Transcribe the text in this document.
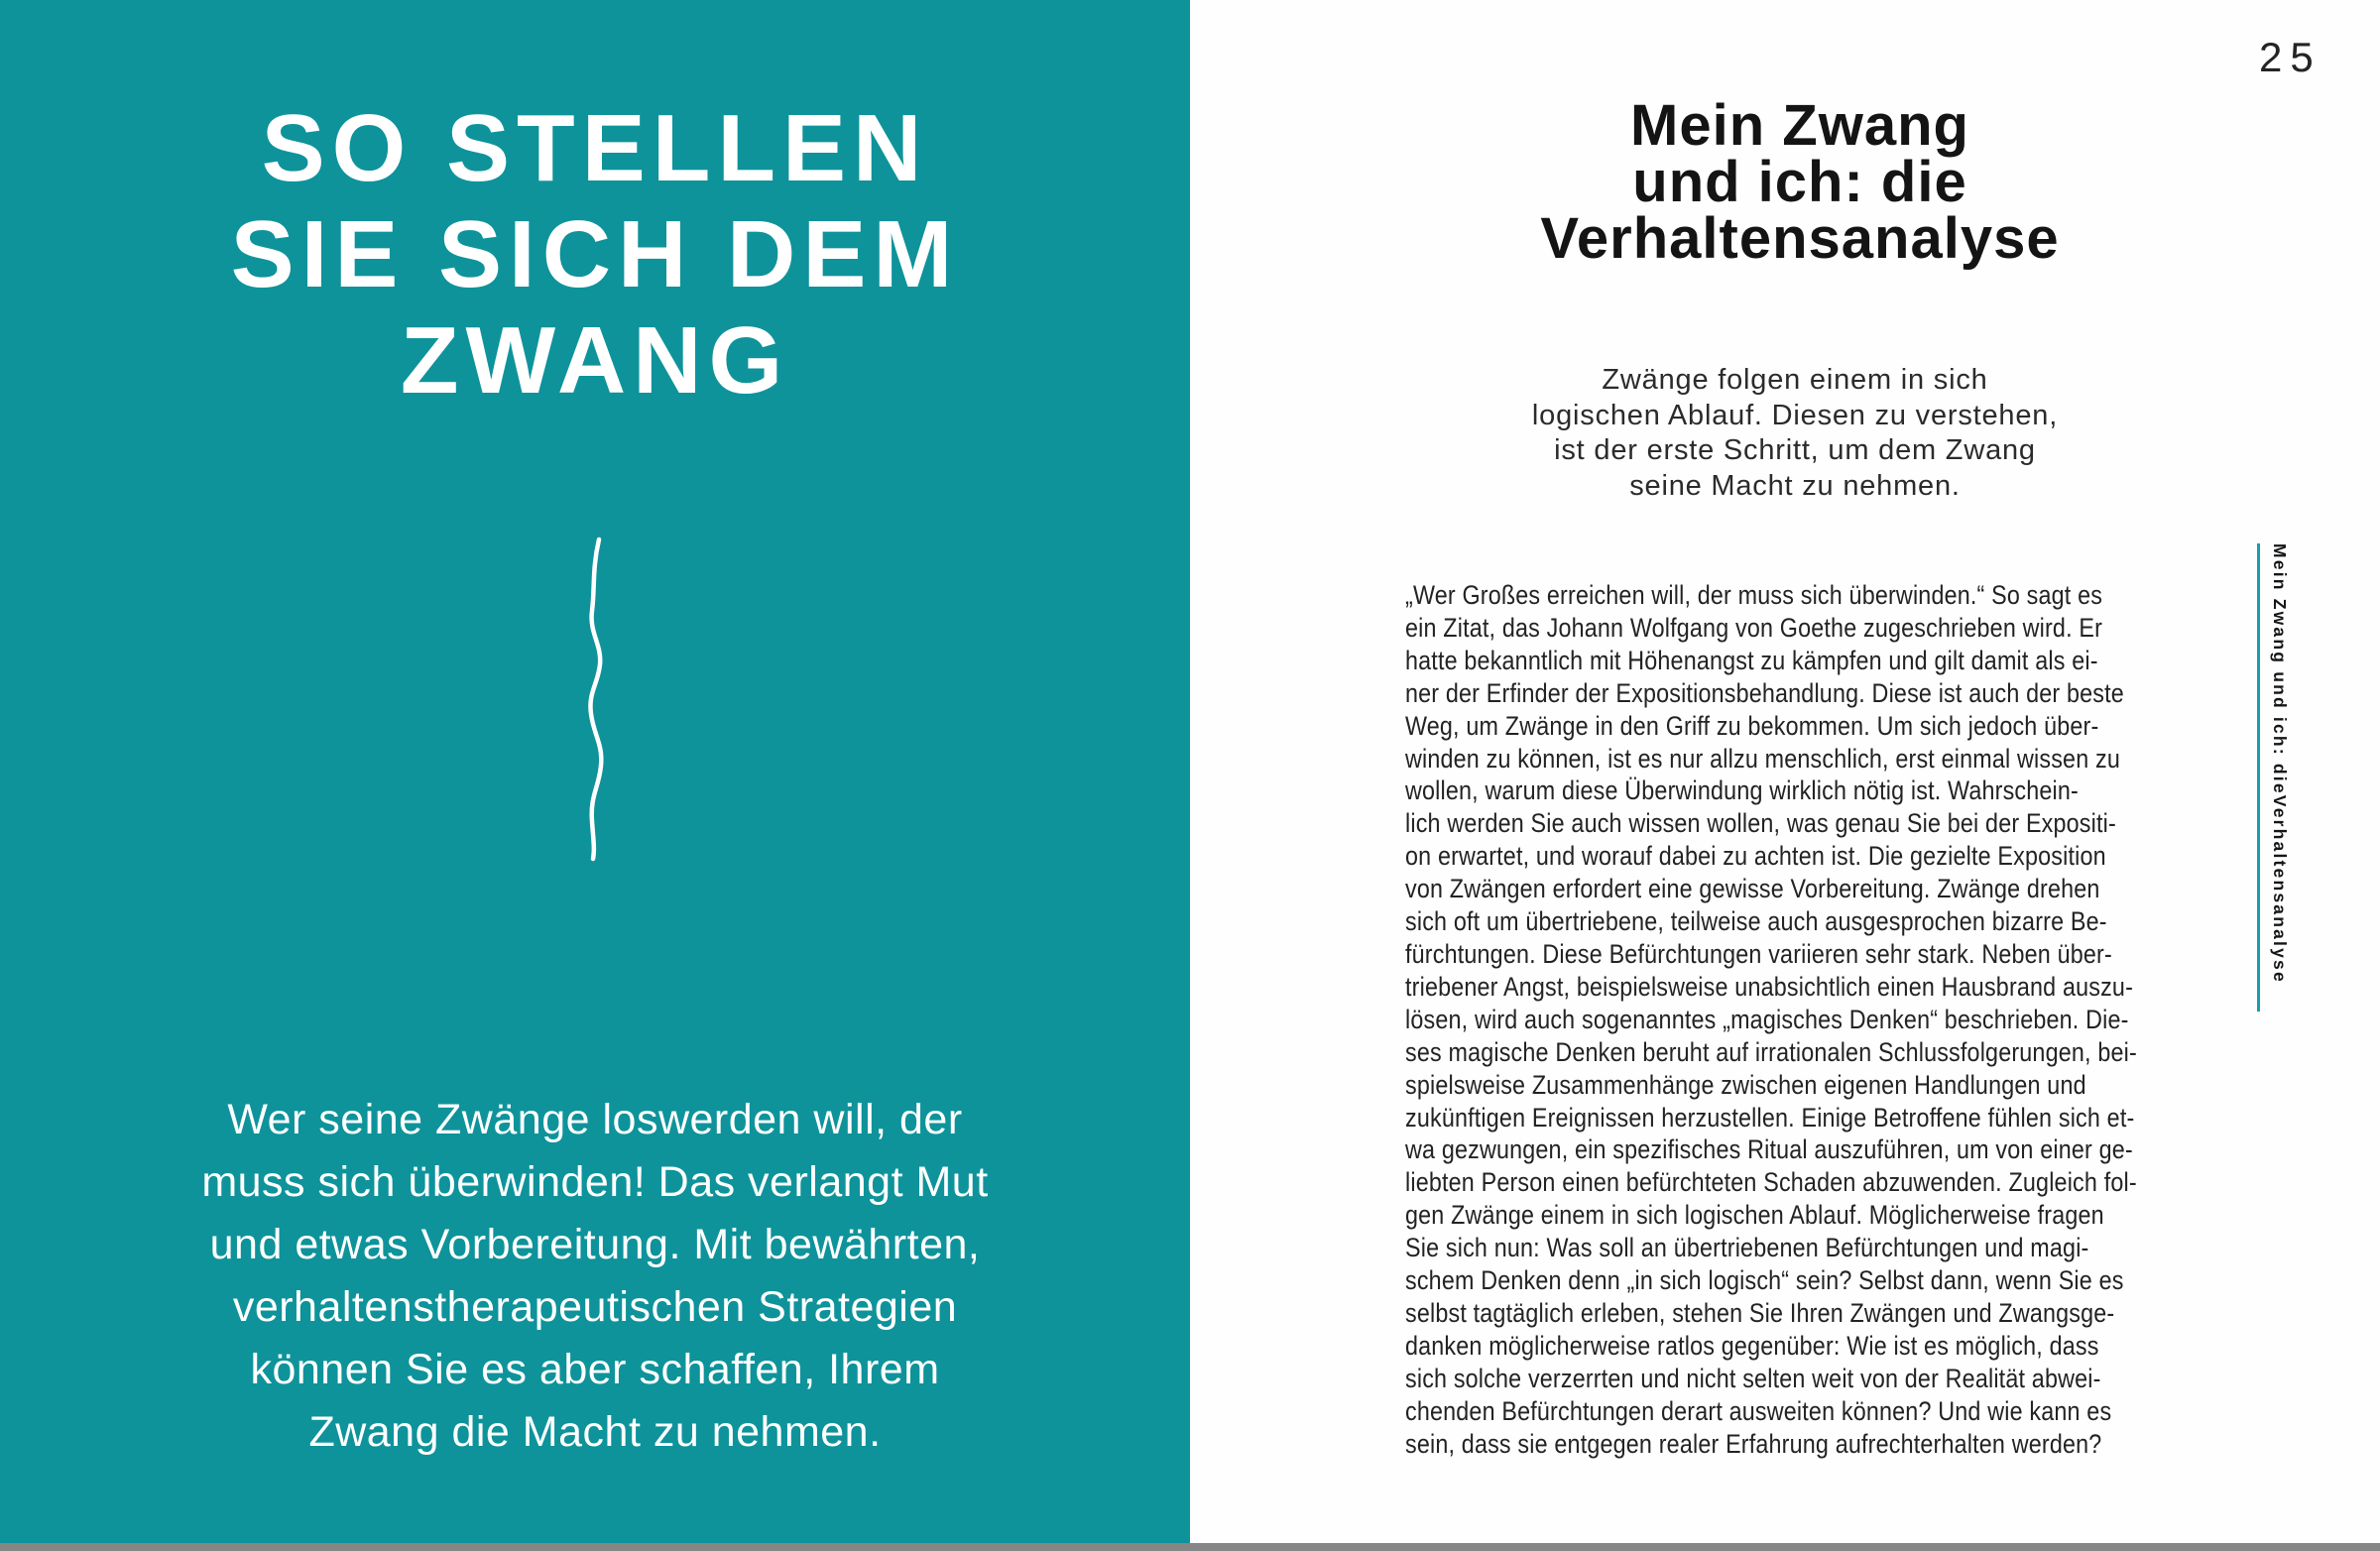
SO STELLEN
SIE SICH DEM
ZWANG
Wer seine Zwänge loswerden will, der
muss sich überwinden! Das verlangt Mut
und etwas Vorbereitung. Mit bewährten,
verhaltenstherapeutischen Strategien
können Sie es aber schaffen, Ihrem
Zwang die Macht zu nehmen.
25
Mein Zwang
und ich: die
Verhaltensanalyse
Zwänge folgen einem in sich
logischen Ablauf. Diesen zu verstehen,
ist der erste Schritt, um dem Zwang
seine Macht zu nehmen.
„Wer Großes erreichen will, der muss sich überwinden.“ So sagt es
ein Zitat, das Johann Wolfgang von Goethe zugeschrieben wird. Er
hatte bekanntlich mit Höhenangst zu kämpfen und gilt damit als ei-
ner der Erfinder der Expositionsbehandlung. Diese ist auch der beste
Weg, um Zwänge in den Griff zu bekommen. Um sich jedoch über-
winden zu können, ist es nur allzu menschlich, erst einmal wissen zu
wollen, warum diese Überwindung wirklich nötig ist. Wahrschein-
lich werden Sie auch wissen wollen, was genau Sie bei der Expositi-
on erwartet, und worauf dabei zu achten ist. Die gezielte Exposition
von Zwängen erfordert eine gewisse Vorbereitung. Zwänge drehen
sich oft um übertriebene, teilweise auch ausgesprochen bizarre Be-
fürchtungen. Diese Befürchtungen variieren sehr stark. Neben über-
triebener Angst, beispielsweise unabsichtlich einen Hausbrand auszu-
lösen, wird auch sogenanntes „magisches Denken“ beschrieben. Die-
ses magische Denken beruht auf irrationalen Schlussfolgerungen, bei-
spielsweise Zusammenhänge zwischen eigenen Handlungen und
zukünftigen Ereignissen herzustellen. Einige Betroffene fühlen sich et-
wa gezwungen, ein spezifisches Ritual auszuführen, um von einer ge-
liebten Person einen befürchteten Schaden abzuwenden. Zugleich fol-
gen Zwänge einem in sich logischen Ablauf. Möglicherweise fragen
Sie sich nun: Was soll an übertriebenen Befürchtungen und magi-
schem Denken denn „in sich logisch“ sein? Selbst dann, wenn Sie es
selbst tagtäglich erleben, stehen Sie Ihren Zwängen und Zwangsge-
danken möglicherweise ratlos gegenüber: Wie ist es möglich, dass
sich solche verzerrten und nicht selten weit von der Realität abwei-
chenden Befürchtungen derart ausweiten können? Und wie kann es
sein, dass sie entgegen realer Erfahrung aufrechterhalten werden?
Mein Zwang und ich: dieVerhaltensanalyse
